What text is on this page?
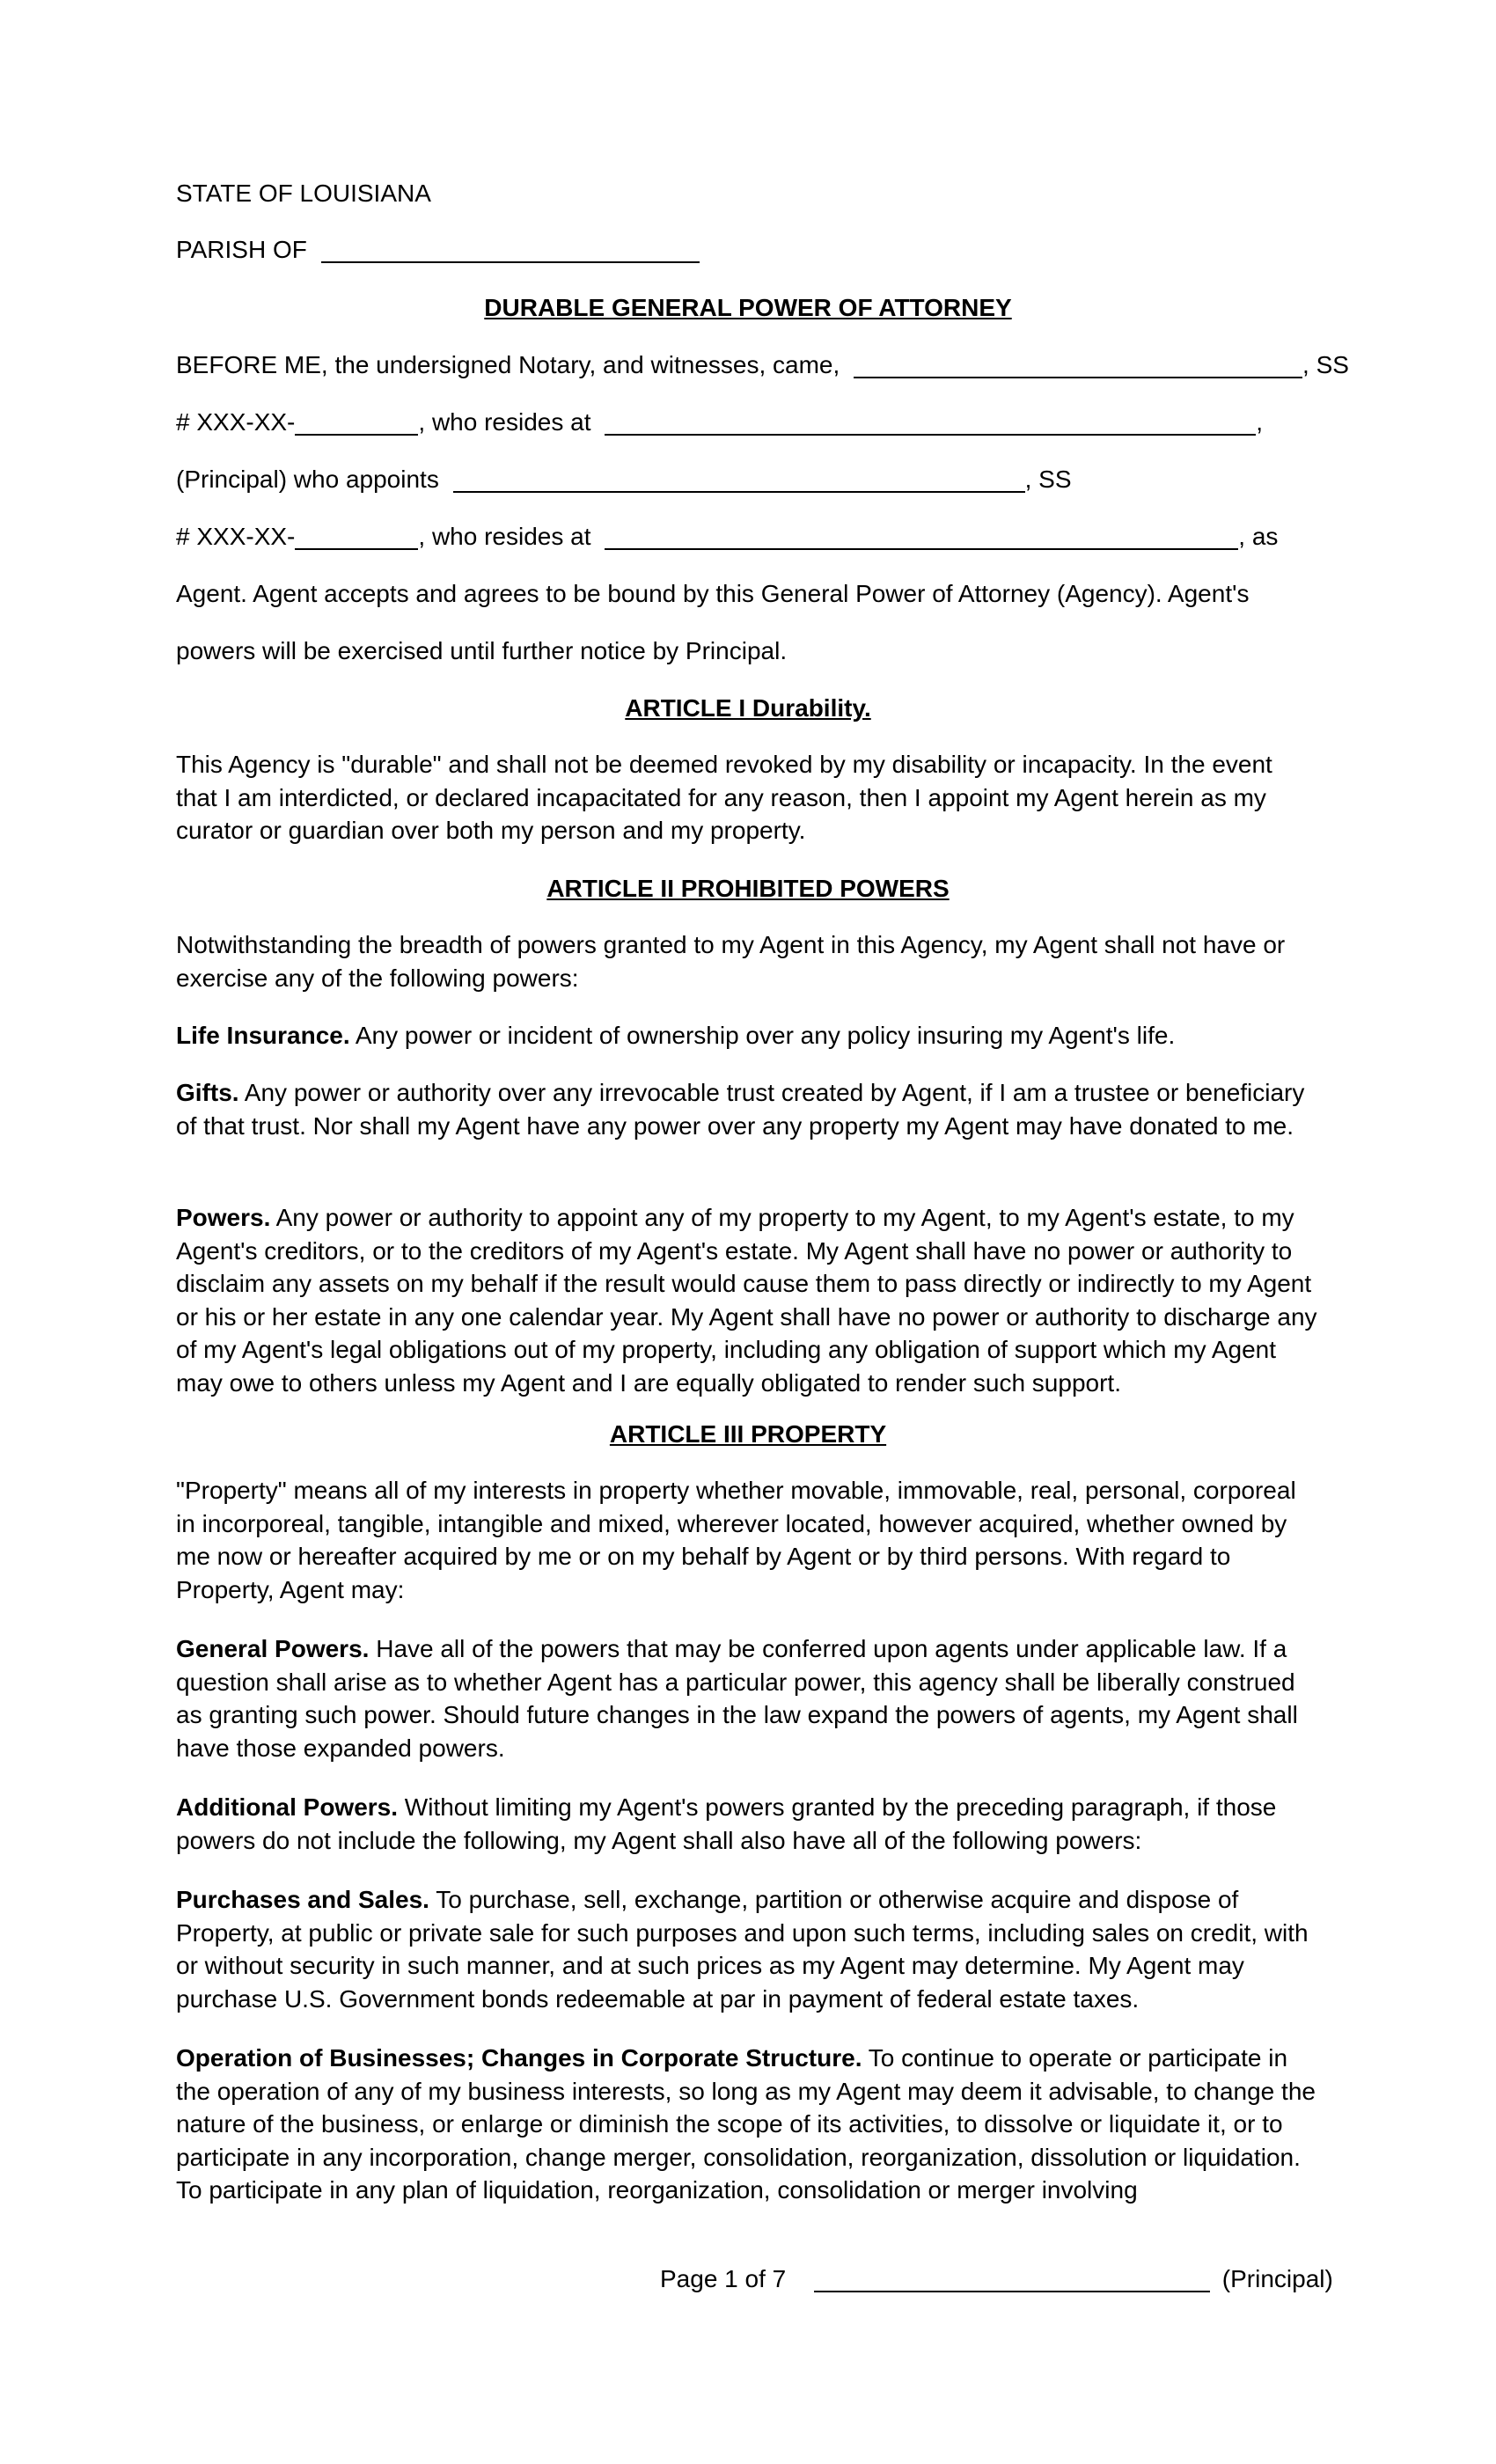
STATE OF LOUISIANA
PARISH OF
DURABLE GENERAL POWER OF ATTORNEY
BEFORE ME, the undersigned Notary, and witnesses, came,	, SS
# XXX-XX-	, who resides at	,
(Principal) who appoints	, SS
# XXX-XX-	, who resides at	, as
Agent. Agent accepts and agrees to be bound by this General Power of Attorney (Agency). Agent's
powers will be exercised until further notice by Principal.
ARTICLE I Durability.

This Agency is "durable" and shall not be deemed revoked by my disability or incapacity. In the event that I am interdicted, or declared incapacitated for any reason, then I appoint my Agent herein as my curator or guardian over both my person and my property.

ARTICLE II PROHIBITED POWERS

Notwithstanding the breadth of powers granted to my Agent in this Agency, my Agent shall not have or exercise any of the following powers:

Life Insurance. Any power or incident of ownership over any policy insuring my Agent's life.

Gifts. Any power or authority over any irrevocable trust created by Agent, if I am a trustee or beneficiary of that trust. Nor shall my Agent have any power over any property my Agent may have donated to me.

Powers. Any power or authority to appoint any of my property to my Agent, to my Agent's estate, to my Agent's creditors, or to the creditors of my Agent's estate. My Agent shall have no power or authority to disclaim any assets on my behalf if the result would cause them to pass directly or indirectly to my Agent or his or her estate in any one calendar year. My Agent shall have no power or authority to discharge any of my Agent's legal obligations out of my property, including any obligation of support which my Agent may owe to others unless my Agent and I are equally obligated to render such support.

ARTICLE III PROPERTY

"Property" means all of my interests in property whether movable, immovable, real, personal, corporeal in incorporeal, tangible, intangible and mixed, wherever located, however acquired, whether owned by me now or hereafter acquired by me or on my behalf by Agent or by third persons. With regard to Property, Agent may:

General Powers. Have all of the powers that may be conferred upon agents under applicable law. If a question shall arise as to whether Agent has a particular power, this agency shall be liberally construed as granting such power. Should future changes in the law expand the powers of agents, my Agent shall have those expanded powers.

Additional Powers. Without limiting my Agent's powers granted by the preceding paragraph, if those powers do not include the following, my Agent shall also have all of the following powers:

Purchases and Sales. To purchase, sell, exchange, partition or otherwise acquire and dispose of Property, at public or private sale for such purposes and upon such terms, including sales on credit, with or without security in such manner, and at such prices as my Agent may determine. My Agent may purchase U.S. Government bonds redeemable at par in payment of federal estate taxes.

Operation of Businesses; Changes in Corporate Structure. To continue to operate or participate in the operation of any of my business interests, so long as my Agent may deem it advisable, to change the nature of the business, or enlarge or diminish the scope of its activities, to dissolve or liquidate it, or to participate in any incorporation, change merger, consolidation, reorganization, dissolution or liquidation. To participate in any plan of liquidation, reorganization, consolidation or merger involving

Page 1 of 7	(Principal)
